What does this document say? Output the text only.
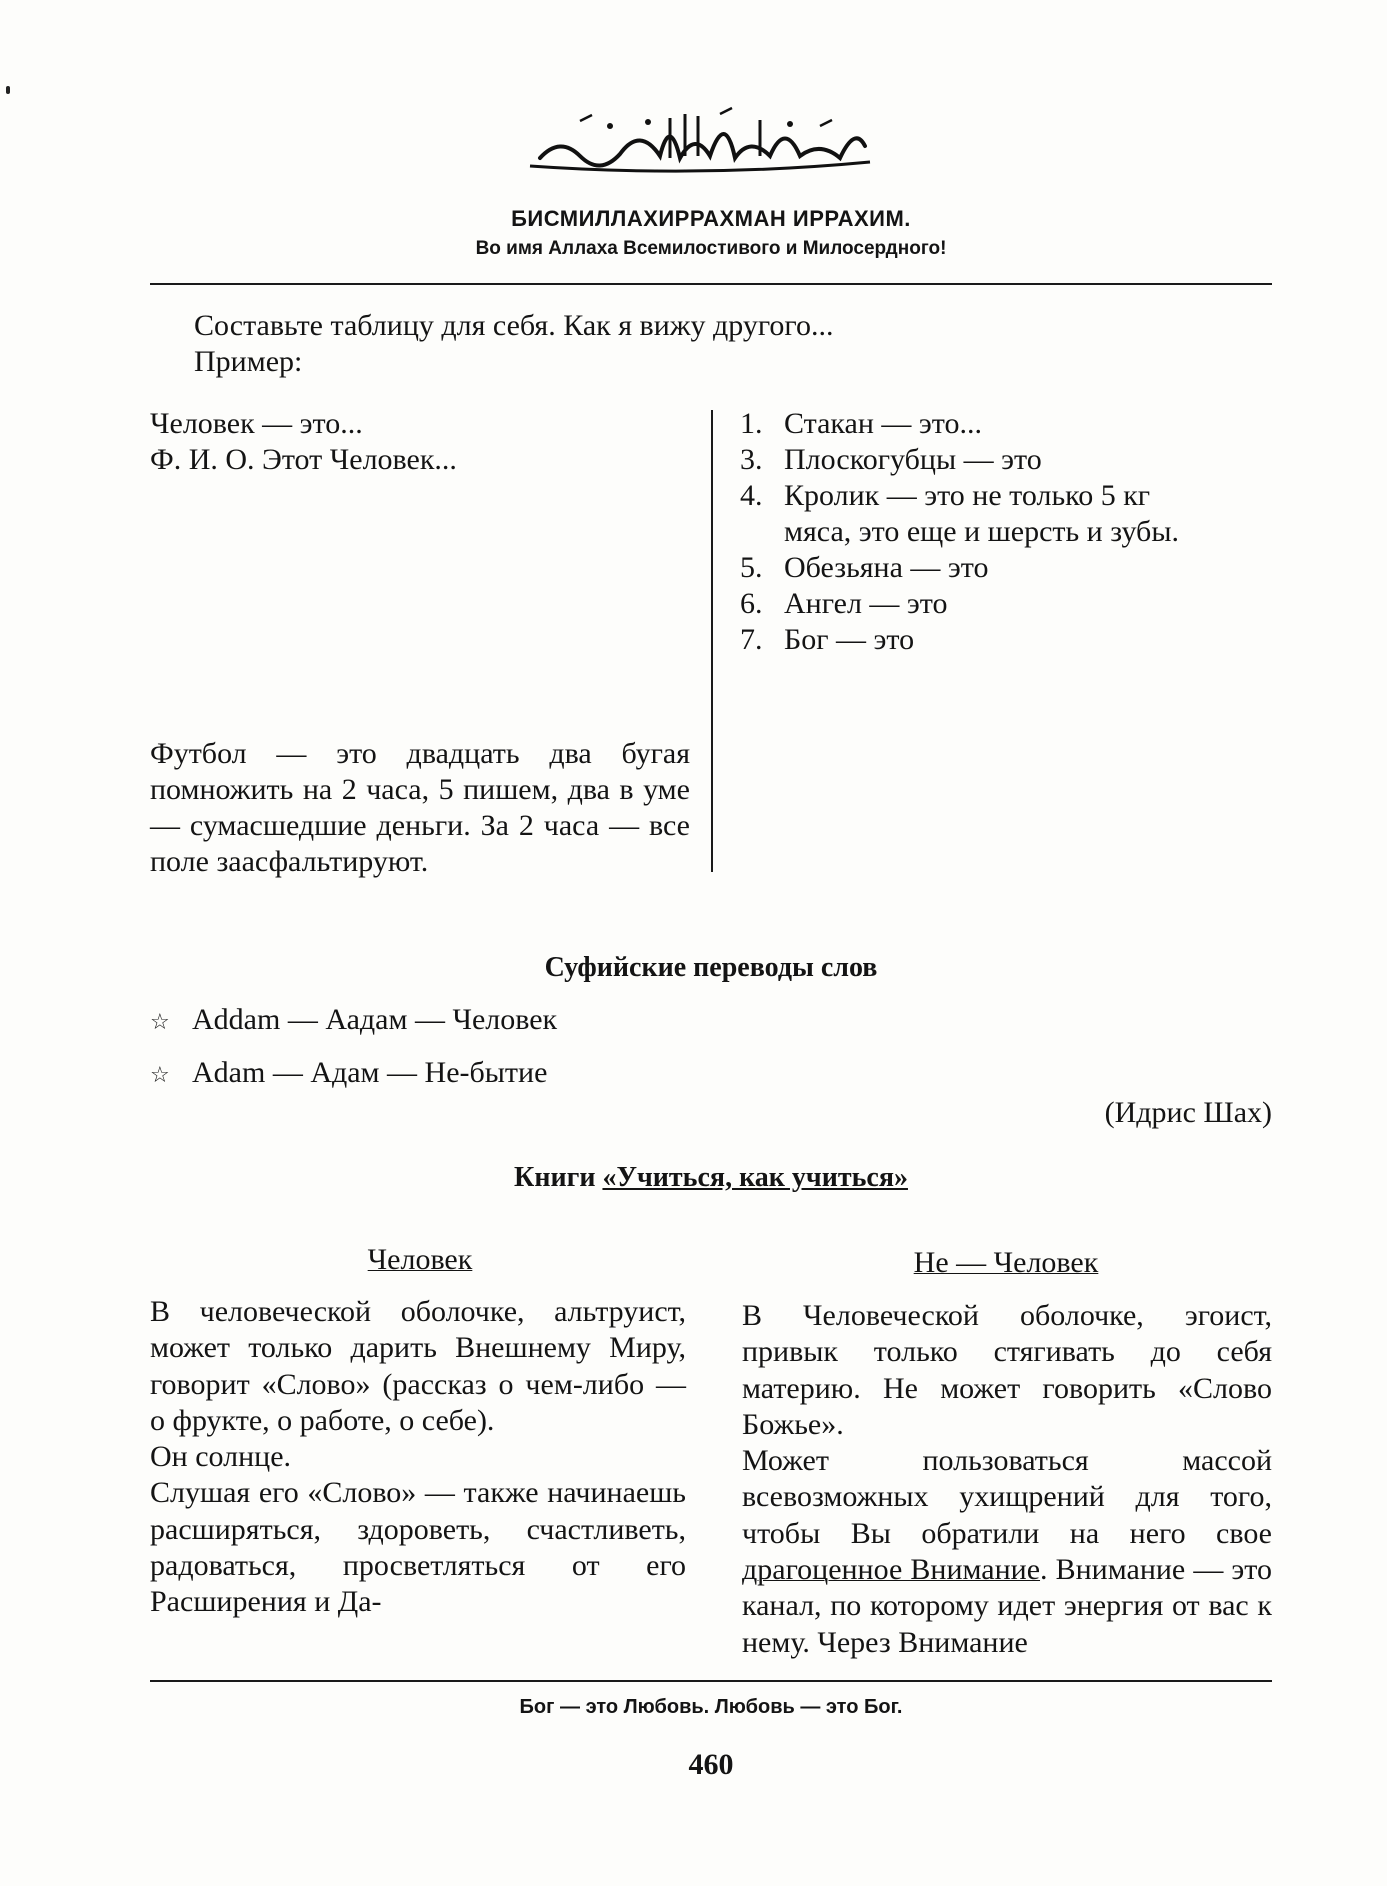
БИСМИЛЛАХИРРАХМАН ИРРАХИМ.
Во имя Аллаха Всемилостивого и Милосердного!
Составьте таблицу для себя. Как я вижу другого...
Пример:
Человек — это...
Ф. И. О. Этот Человек...
1. Стакан — это...
3. Плоскогубцы — это
4. Кролик — это не только 5 кг
мяса, это еще и шерсть и зубы.
5. Обезьяна — это
6. Ангел — это
7. Бог — это
Футбол — это двадцать два бугая помножить на 2 часа, 5 пишем, два в уме — сумасшедшие деньги. За 2 часа — все поле заасфальтируют.
Суфийские переводы слов
☆ Addam — Аадам — Человек
☆ Adam — Адам — Не-бытие
(Идрис Шах)
Книги «Учиться, как учиться»
Человек	Не — Человек
В человеческой оболочке, альтруист, может только дарить Внешнему Миру, говорит «Слово» (рассказ о чем-либо — о фрукте, о работе, о себе).
Он солнце.
Слушая его «Слово» — также начинаешь расширяться, здороветь, счастливеть, радоваться, просветляться от его Расширения и Да-
В Человеческой оболочке, эгоист, привык только стягивать до себя материю. Не может говорить «Слово Божье».
Может пользоваться массой всевозможных ухищрений для того, чтобы Вы обратили на него свое драгоценное Внимание. Внимание — это канал, по которому идет энергия от вас к нему. Через Внимание
Бог — это Любовь. Любовь — это Бог.
460
